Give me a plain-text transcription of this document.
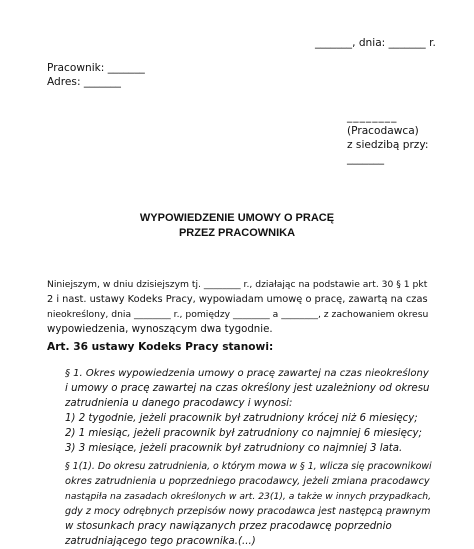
_______, dnia: _______ r.
Pracownik: _______
Adres: _______
________
(Pracodawca)
z siedzibą przy:
_______
WYPOWIEDZENIE UMOWY O PRACĘ
PRZEZ PRACOWNIKA
Niniejszym, w dniu dzisiejszym tj. ________ r., działając na podstawie art. 30 § 1 pkt
2 i nast. ustawy Kodeks Pracy, wypowiadam umowę o pracę, zawartą na czas
nieokreślony, dnia ________ r., pomiędzy ________ a ________, z zachowaniem okresu
wypowiedzenia, wynoszącym dwa tygodnie.
Art. 36 ustawy Kodeks Pracy stanowi:
§ 1. Okres wypowiedzenia umowy o pracę zawartej na czas nieokreślony
i umowy o pracę zawartej na czas określony jest uzależniony od okresu
zatrudnienia u danego pracodawcy i wynosi:
1) 2 tygodnie, jeżeli pracownik był zatrudniony krócej niż 6 miesięcy;
2) 1 miesiąc, jeżeli pracownik był zatrudniony co najmniej 6 miesięcy;
3) 3 miesiące, jeżeli pracownik był zatrudniony co najmniej 3 lata.
§ 1(1). Do okresu zatrudnienia, o którym mowa w § 1, wlicza się pracownikowi
okres zatrudnienia u poprzedniego pracodawcy, jeżeli zmiana pracodawcy
nastąpiła na zasadach określonych w art. 23(1), a także w innych przypadkach,
gdy z mocy odrębnych przepisów nowy pracodawca jest następcą prawnym
w stosunkach pracy nawiązanych przez pracodawcę poprzednio
zatrudniającego tego pracownika.(...)
